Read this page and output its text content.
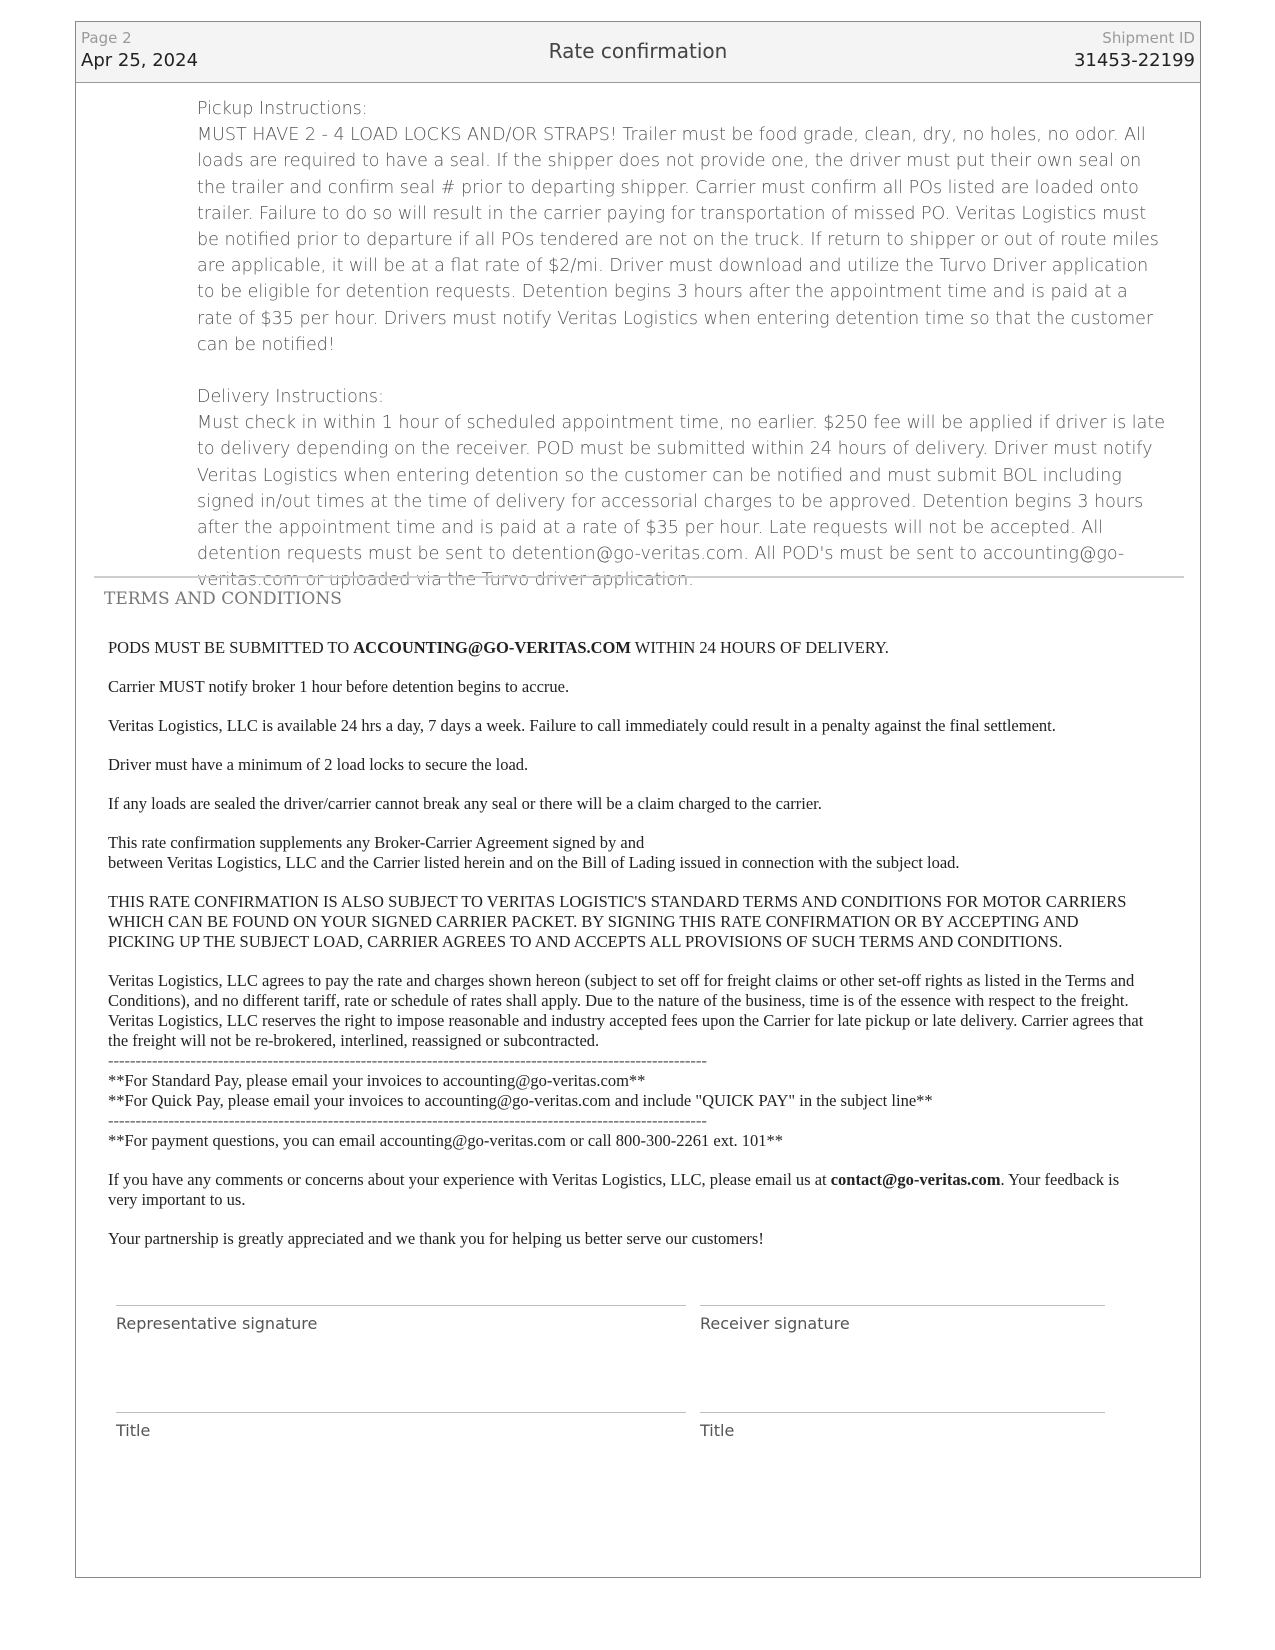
Page 2
Apr 25, 2024	Rate confirmation
Shipment ID
31453-22199
Pickup Instructions:
MUST HAVE 2 - 4 LOAD LOCKS AND/OR STRAPS! Trailer must be food grade, clean, dry, no holes, no odor. All loads are required to have a seal. If the shipper does not provide one, the driver must put their own seal on the trailer and confirm seal # prior to departing shipper. Carrier must confirm all POs listed are loaded onto trailer. Failure to do so will result in the carrier paying for transportation of missed PO. Veritas Logistics must be notified prior to departure if all POs tendered are not on the truck. If return to shipper or out of route miles are applicable, it will be at a flat rate of $2/mi. Driver must download and utilize the Turvo Driver application to be eligible for detention requests. Detention begins 3 hours after the appointment time and is paid at a rate of $35 per hour. Drivers must notify Veritas Logistics when entering detention time so that the customer can be notified!
Delivery Instructions:
Must check in within 1 hour of scheduled appointment time, no earlier. $250 fee will be applied if driver is late to delivery depending on the receiver. POD must be submitted within 24 hours of delivery. Driver must notify Veritas Logistics when entering detention so the customer can be notified and must submit BOL including signed in/out times at the time of delivery for accessorial charges to be approved. Detention begins 3 hours after the appointment time and is paid at a rate of $35 per hour. Late requests will not be accepted. All detention requests must be sent to detention@go-veritas.com. All POD's must be sent to accounting@go-veritas.com or uploaded via the Turvo driver application.
TERMS AND CONDITIONS

PODS MUST BE SUBMITTED TO ACCOUNTING@GO-VERITAS.COM WITHIN 24 HOURS OF DELIVERY.

Carrier MUST notify broker 1 hour before detention begins to accrue.

Veritas Logistics, LLC is available 24 hrs a day, 7 days a week. Failure to call immediately could result in a penalty against the final settlement.

Driver must have a minimum of 2 load locks to secure the load.

If any loads are sealed the driver/carrier cannot break any seal or there will be a claim charged to the carrier.

This rate confirmation supplements any Broker-Carrier Agreement signed by and
between Veritas Logistics, LLC and the Carrier listed herein and on the Bill of Lading issued in connection with the subject load.

THIS RATE CONFIRMATION IS ALSO SUBJECT TO VERITAS LOGISTIC'S STANDARD TERMS AND CONDITIONS FOR MOTOR CARRIERS WHICH CAN BE FOUND ON YOUR SIGNED CARRIER PACKET. BY SIGNING THIS RATE CONFIRMATION OR BY ACCEPTING AND PICKING UP THE SUBJECT LOAD, CARRIER AGREES TO AND ACCEPTS ALL PROVISIONS OF SUCH TERMS AND CONDITIONS.

Veritas Logistics, LLC agrees to pay the rate and charges shown hereon (subject to set off for freight claims or other set-off rights as listed in the Terms and Conditions), and no different tariff, rate or schedule of rates shall apply. Due to the nature of the business, time is of the essence with respect to the freight. Veritas Logistics, LLC reserves the right to impose reasonable and industry accepted fees upon the Carrier for late pickup or late delivery. Carrier agrees that the freight will not be re-brokered, interlined, reassigned or subcontracted.

-------------------------------------------------------------------------------------------------------------
**For Standard Pay, please email your invoices to accounting@go-veritas.com**
**For Quick Pay, please email your invoices to accounting@go-veritas.com and include "QUICK PAY" in the subject line**
-------------------------------------------------------------------------------------------------------------

**For payment questions, you can email accounting@go-veritas.com or call 800-300-2261 ext. 101**

If you have any comments or concerns about your experience with Veritas Logistics, LLC, please email us at contact@go-veritas.com. Your feedback is very important to us.

Your partnership is greatly appreciated and we thank you for helping us better serve our customers!

Representative signature	Receiver signature
Title	Title
